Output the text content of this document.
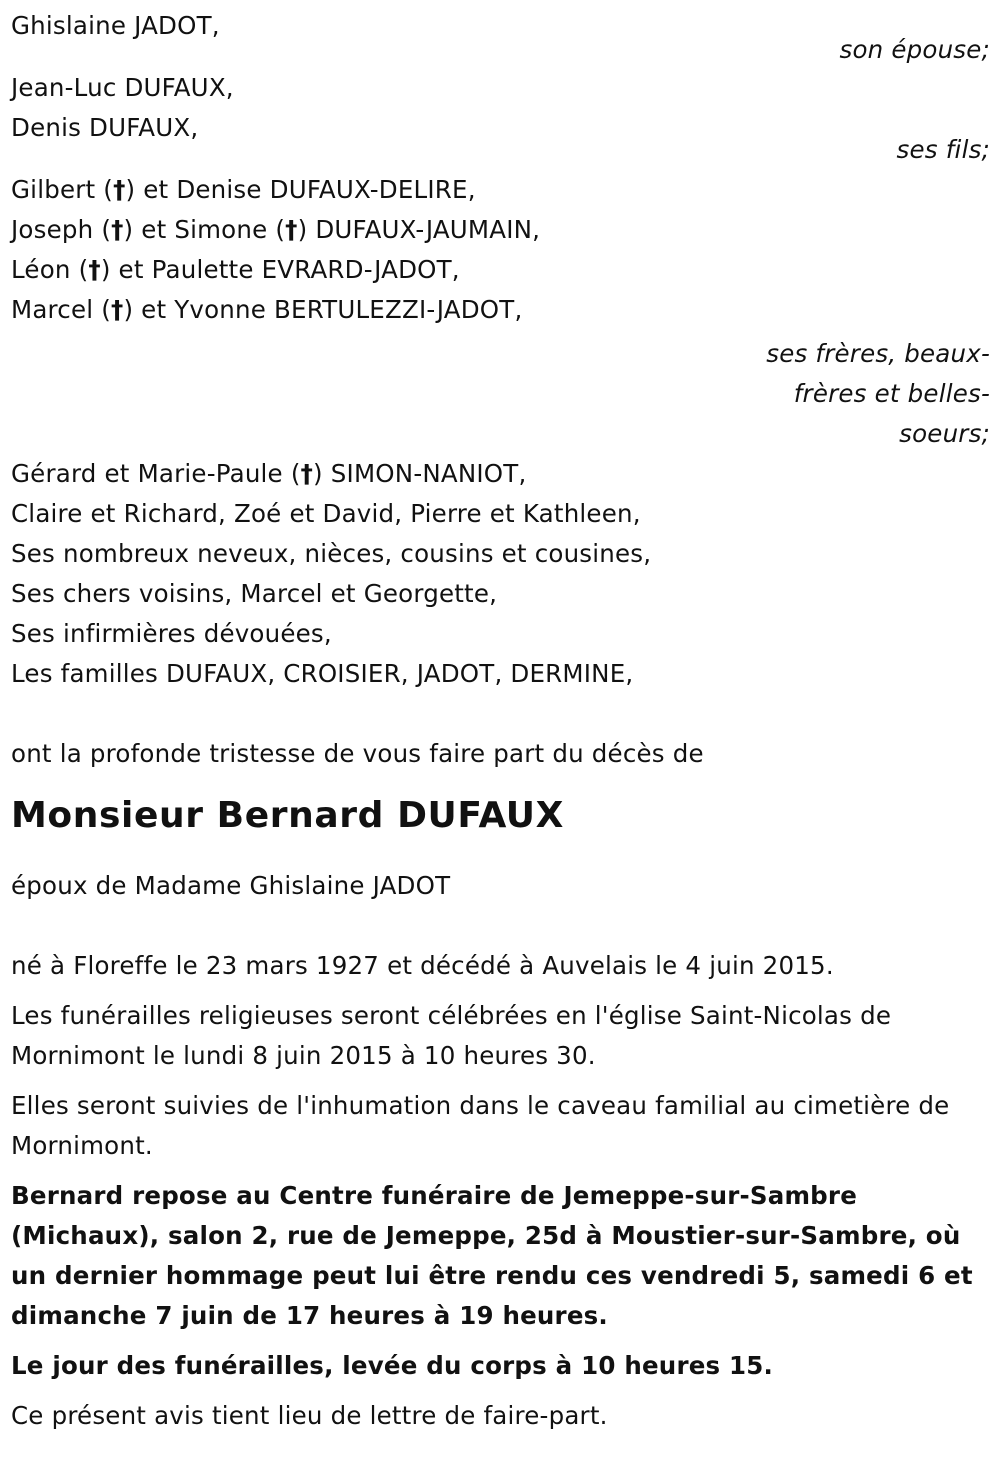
Ghislaine JADOT,
son épouse;
Jean-Luc DUFAUX,
Denis DUFAUX,
ses fils;
Gilbert (†) et Denise DUFAUX-DELIRE,
Joseph (†) et Simone (†) DUFAUX-JAUMAIN,
Léon (†) et Paulette EVRARD-JADOT,
Marcel (†) et Yvonne BERTULEZZI-JADOT,
ses frères, beaux-frères et belles-soeurs;
Gérard et Marie-Paule (†) SIMON-NANIOT,
Claire et Richard, Zoé et David, Pierre et Kathleen,
Ses nombreux neveux, nièces, cousins et cousines,
Ses chers voisins, Marcel et Georgette,
Ses infirmières dévouées,
Les familles DUFAUX, CROISIER, JADOT, DERMINE,
ont la profonde tristesse de vous faire part du décès de
Monsieur Bernard DUFAUX
époux de Madame Ghislaine JADOT
né à Floreffe le 23 mars 1927 et décédé à Auvelais le 4 juin 2015.
Les funérailles religieuses seront célébrées en l'église Saint-Nicolas de Mornimont le lundi 8 juin 2015 à 10 heures 30.
Elles seront suivies de l'inhumation dans le caveau familial au cimetière de Mornimont.
Bernard repose au Centre funéraire de Jemeppe-sur-Sambre (Michaux), salon 2, rue de Jemeppe, 25d à Moustier-sur-Sambre, où un dernier hommage peut lui être rendu ces vendredi 5, samedi 6 et dimanche 7 juin de 17 heures à 19 heures.
Le jour des funérailles, levée du corps à 10 heures 15.
Ce présent avis tient lieu de lettre de faire-part.
